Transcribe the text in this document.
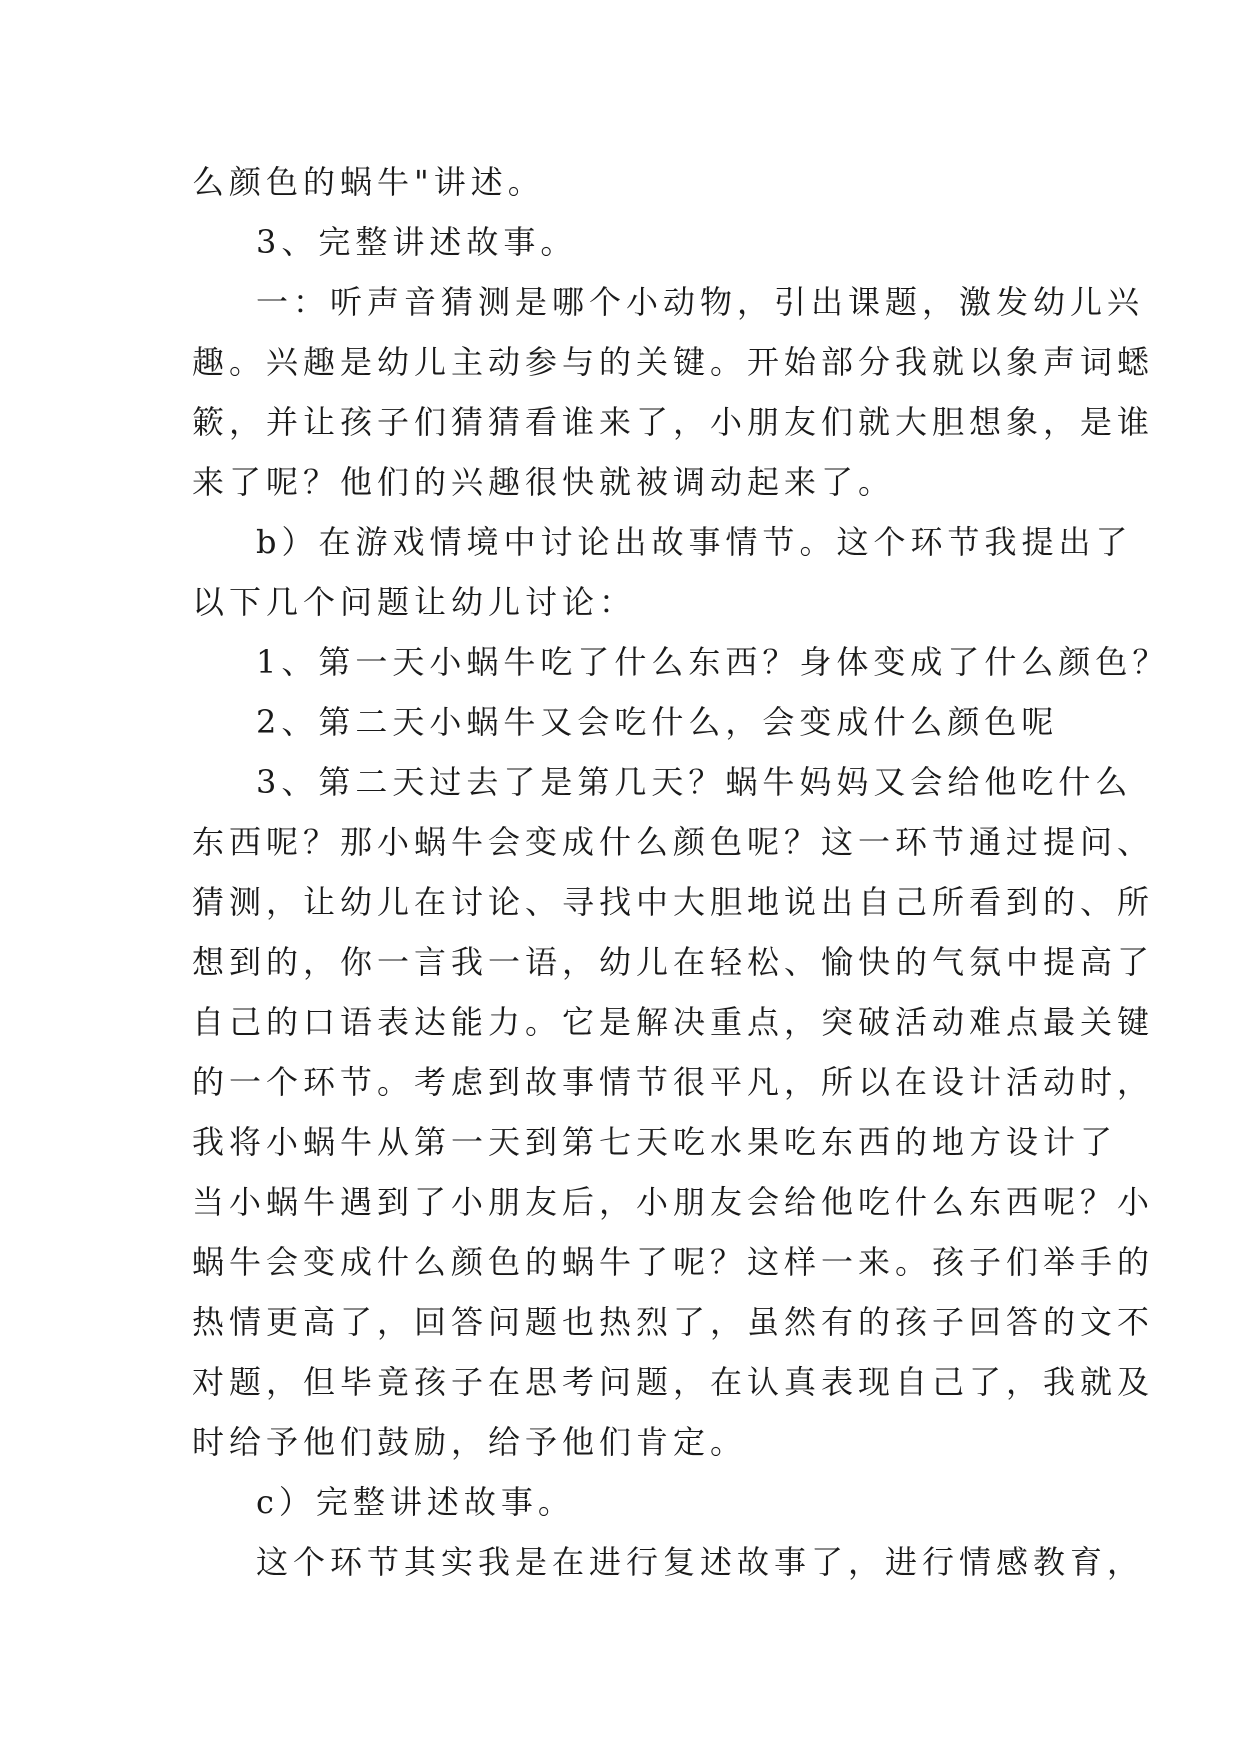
么颜色的蜗牛"讲述。
3、完整讲述故事。
一：听声音猜测是哪个小动物，引出课题，激发幼儿兴
趣。兴趣是幼儿主动参与的关键。开始部分我就以象声词蟋
簌，并让孩子们猜猜看谁来了，小朋友们就大胆想象，是谁
来了呢？他们的兴趣很快就被调动起来了。
b）在游戏情境中讨论出故事情节。这个环节我提出了
以下几个问题让幼儿讨论：
1、第一天小蜗牛吃了什么东西？身体变成了什么颜色？
2、第二天小蜗牛又会吃什么，会变成什么颜色呢
3、第二天过去了是第几天？蜗牛妈妈又会给他吃什么
东西呢？那小蜗牛会变成什么颜色呢？这一环节通过提问、
猜测，让幼儿在讨论、寻找中大胆地说出自己所看到的、所
想到的，你一言我一语，幼儿在轻松、愉快的气氛中提高了
自己的口语表达能力。它是解决重点，突破活动难点最关键
的一个环节。考虑到故事情节很平凡，所以在设计活动时，
我将小蜗牛从第一天到第七天吃水果吃东西的地方设计了
当小蜗牛遇到了小朋友后，小朋友会给他吃什么东西呢？小
蜗牛会变成什么颜色的蜗牛了呢？这样一来。孩子们举手的
热情更高了，回答问题也热烈了，虽然有的孩子回答的文不
对题，但毕竟孩子在思考问题，在认真表现自己了，我就及
时给予他们鼓励，给予他们肯定。
c）完整讲述故事。
这个环节其实我是在进行复述故事了，进行情感教育，
